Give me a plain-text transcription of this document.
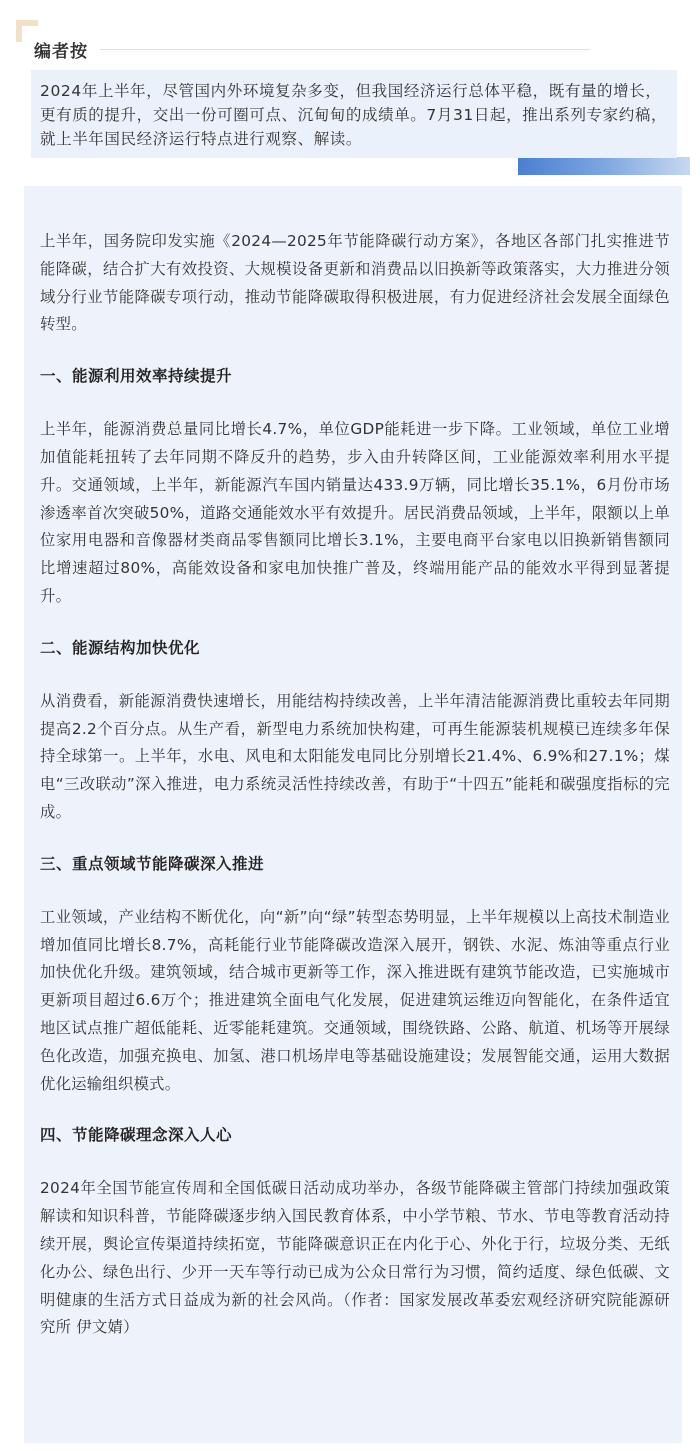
编者按
2024年上半年，尽管国内外环境复杂多变，但我国经济运行总体平稳，既有量的增长，更有质的提升，交出一份可圈可点、沉甸甸的成绩单。7月31日起，推出系列专家约稿，就上半年国民经济运行特点进行观察、解读。

上半年，国务院印发实施《2024—2025年节能降碳行动方案》，各地区各部门扎实推进节能降碳，结合扩大有效投资、大规模设备更新和消费品以旧换新等政策落实，大力推进分领域分行业节能降碳专项行动，推动节能降碳取得积极进展，有力促进经济社会发展全面绿色转型。

一、能源利用效率持续提升

上半年，能源消费总量同比增长4.7%，单位GDP能耗进一步下降。工业领域，单位工业增加值能耗扭转了去年同期不降反升的趋势，步入由升转降区间，工业能源效率利用水平提升。交通领域，上半年，新能源汽车国内销量达433.9万辆，同比增长35.1%，6月份市场渗透率首次突破50%，道路交通能效水平有效提升。居民消费品领域，上半年，限额以上单位家用电器和音像器材类商品零售额同比增长3.1%，主要电商平台家电以旧换新销售额同比增速超过80%，高能效设备和家电加快推广普及，终端用能产品的能效水平得到显著提升。

二、能源结构加快优化

从消费看，新能源消费快速增长，用能结构持续改善，上半年清洁能源消费比重较去年同期提高2.2个百分点。从生产看，新型电力系统加快构建，可再生能源装机规模已连续多年保持全球第一。上半年，水电、风电和太阳能发电同比分别增长21.4%、6.9%和27.1%；煤电“三改联动”深入推进，电力系统灵活性持续改善，有助于“十四五”能耗和碳强度指标的完成。

三、重点领域节能降碳深入推进

工业领域，产业结构不断优化，向“新”向“绿”转型态势明显，上半年规模以上高技术制造业增加值同比增长8.7%，高耗能行业节能降碳改造深入展开，钢铁、水泥、炼油等重点行业加快优化升级。建筑领域，结合城市更新等工作，深入推进既有建筑节能改造，已实施城市更新项目超过6.6万个；推进建筑全面电气化发展，促进建筑运维迈向智能化，在条件适宜地区试点推广超低能耗、近零能耗建筑。交通领域，围绕铁路、公路、航道、机场等开展绿色化改造，加强充换电、加氢、港口机场岸电等基础设施建设；发展智能交通，运用大数据优化运输组织模式。

四、节能降碳理念深入人心

2024年全国节能宣传周和全国低碳日活动成功举办，各级节能降碳主管部门持续加强政策解读和知识科普，节能降碳逐步纳入国民教育体系，中小学节粮、节水、节电等教育活动持续开展，舆论宣传渠道持续拓宽，节能降碳意识正在内化于心、外化于行，垃圾分类、无纸化办公、绿色出行、少开一天车等行动已成为公众日常行为习惯，简约适度、绿色低碳、文明健康的生活方式日益成为新的社会风尚。（作者：国家发展改革委宏观经济研究院能源研究所 伊文婧）
